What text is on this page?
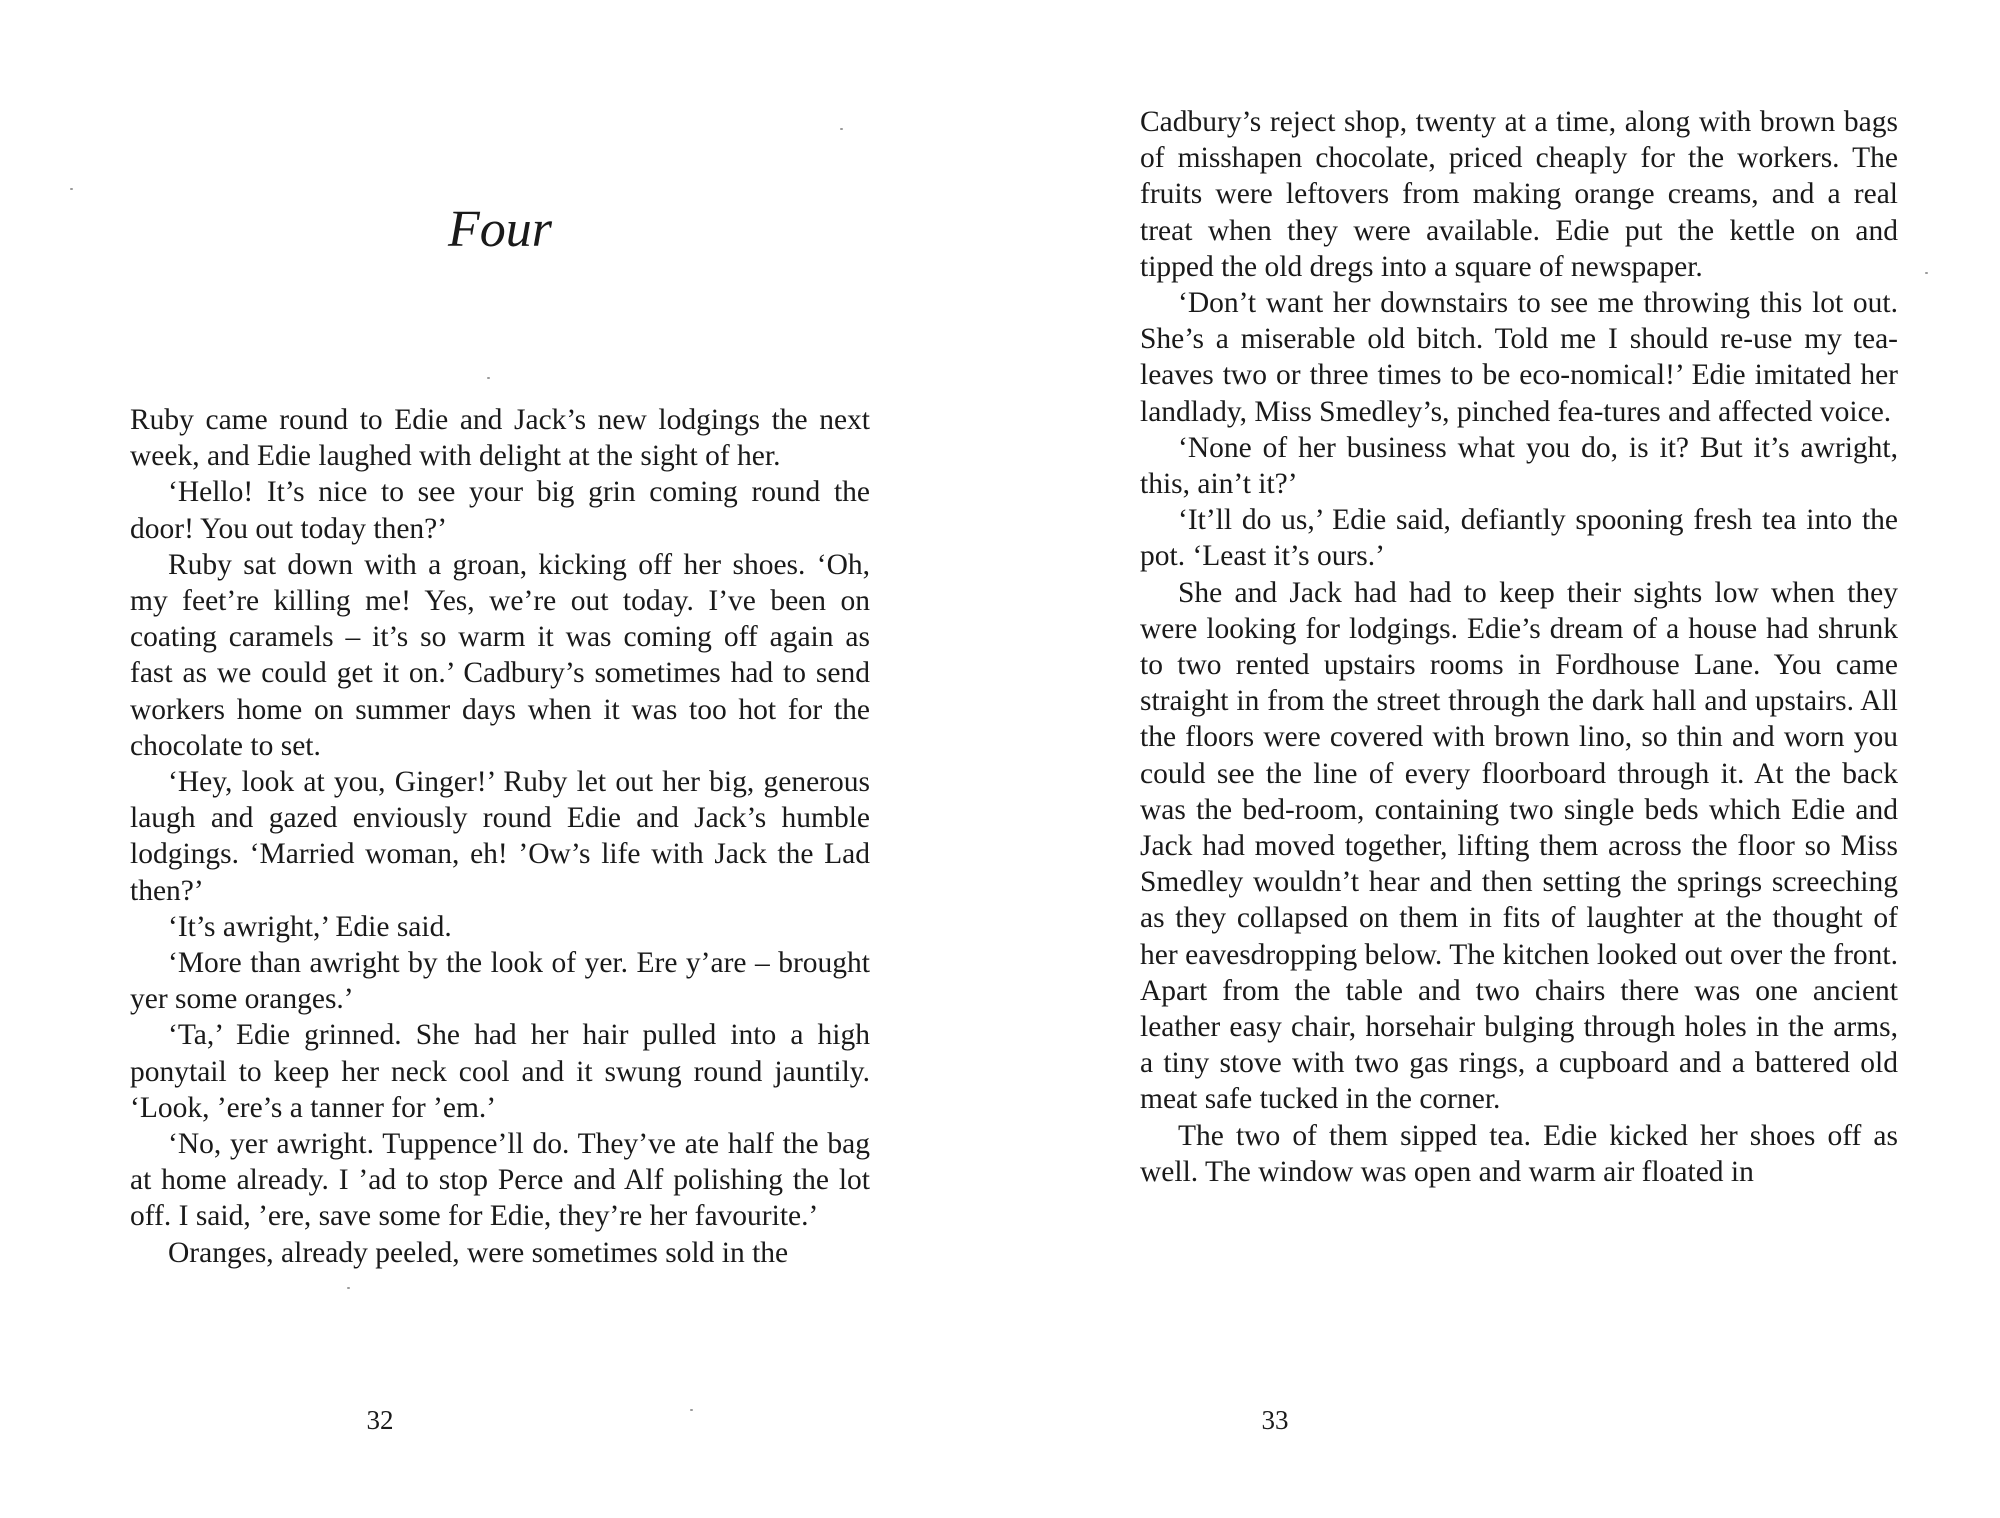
Four

Ruby came round to Edie and Jack’s new lodgings the next week, and Edie laughed with delight at the sight of her.

‘Hello! It’s nice to see your big grin coming round the door! You out today then?’

Ruby sat down with a groan, kicking off her shoes. ‘Oh, my feet’re killing me! Yes, we’re out today. I’ve been on coating caramels – it’s so warm it was coming off again as fast as we could get it on.’ Cadbury’s sometimes had to send workers home on summer days when it was too hot for the chocolate to set.

‘Hey, look at you, Ginger!’ Ruby let out her big, generous laugh and gazed enviously round Edie and Jack’s humble lodgings. ‘Married woman, eh! ’Ow’s life with Jack the Lad then?’

‘It’s awright,’ Edie said.

‘More than awright by the look of yer. Ere y’are – brought yer some oranges.’

‘Ta,’ Edie grinned. She had her hair pulled into a high ponytail to keep her neck cool and it swung round jauntily. ‘Look, ’ere’s a tanner for ’em.’

‘No, yer awright. Tuppence’ll do. They’ve ate half the bag at home already. I ’ad to stop Perce and Alf polishing the lot off. I said, ’ere, save some for Edie, they’re her favourite.’

Oranges, already peeled, were sometimes sold in the

32

Cadbury’s reject shop, twenty at a time, along with brown bags of misshapen chocolate, priced cheaply for the workers. The fruits were leftovers from making orange creams, and a real treat when they were available. Edie put the kettle on and tipped the old dregs into a square of newspaper.

‘Don’t want her downstairs to see me throwing this lot out. She’s a miserable old bitch. Told me I should re-use my tea-leaves two or three times to be eco-nomical!’ Edie imitated her landlady, Miss Smedley’s, pinched fea-tures and affected voice.

‘None of her business what you do, is it? But it’s awright, this, ain’t it?’

‘It’ll do us,’ Edie said, defiantly spooning fresh tea into the pot. ‘Least it’s ours.’

She and Jack had had to keep their sights low when they were looking for lodgings. Edie’s dream of a house had shrunk to two rented upstairs rooms in Fordhouse Lane. You came straight in from the street through the dark hall and upstairs. All the floors were covered with brown lino, so thin and worn you could see the line of every floorboard through it. At the back was the bed-room, containing two single beds which Edie and Jack had moved together, lifting them across the floor so Miss Smedley wouldn’t hear and then setting the springs screeching as they collapsed on them in fits of laughter at the thought of her eavesdropping below. The kitchen looked out over the front. Apart from the table and two chairs there was one ancient leather easy chair, horsehair bulging through holes in the arms, a tiny stove with two gas rings, a cupboard and a battered old meat safe tucked in the corner.

The two of them sipped tea. Edie kicked her shoes off as well. The window was open and warm air floated in

33
